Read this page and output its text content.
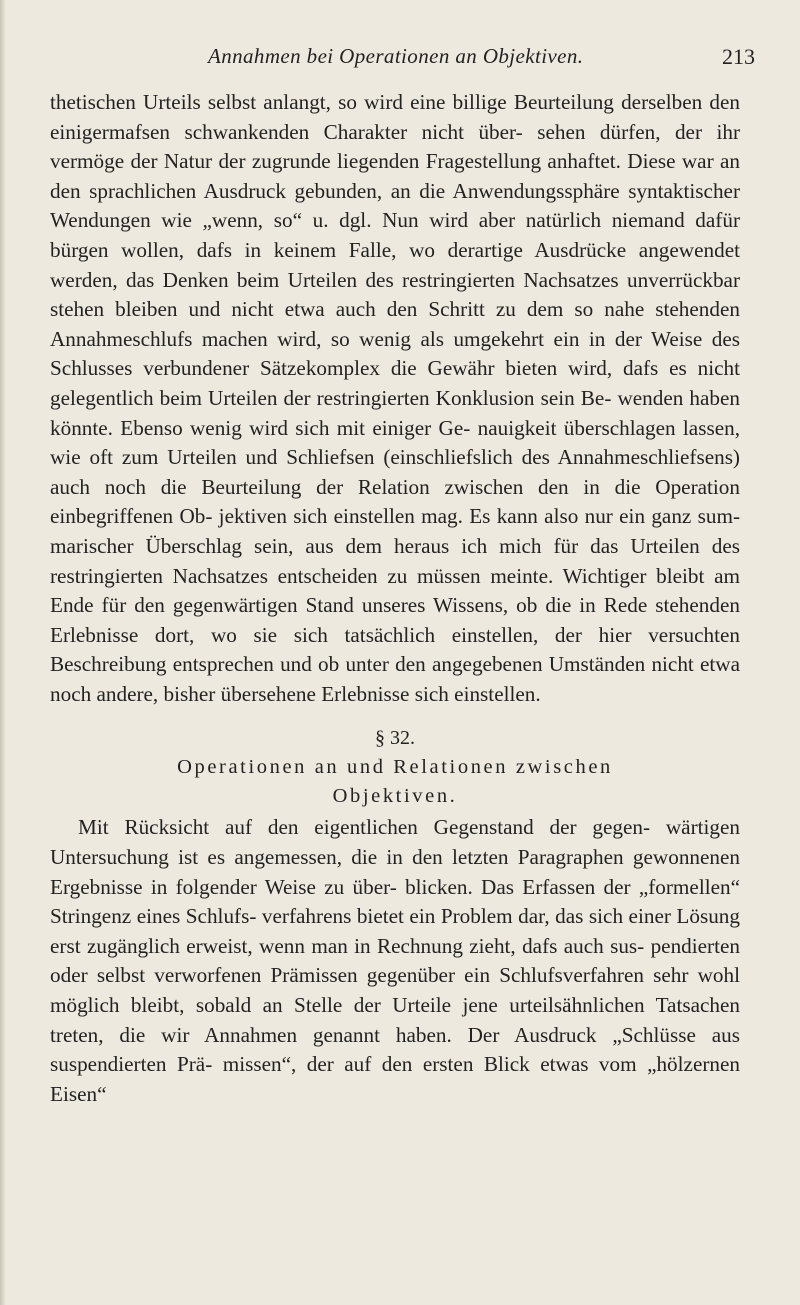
Annahmen bei Operationen an Objektiven.	213

thetischen Urteils selbst anlangt, so wird eine billige Beurteilung derselben den einigermafsen schwankenden Charakter nicht über- sehen dürfen, der ihr vermöge der Natur der zugrunde liegenden Fragestellung anhaftet. Diese war an den sprachlichen Ausdruck gebunden, an die Anwendungssphäre syntaktischer Wendungen wie „wenn, so“ u. dgl. Nun wird aber natürlich niemand dafür bürgen wollen, dafs in keinem Falle, wo derartige Ausdrücke angewendet werden, das Denken beim Urteilen des restringierten Nachsatzes unverrückbar stehen bleiben und nicht etwa auch den Schritt zu dem so nahe stehenden Annahmeschlufs machen wird, so wenig als umgekehrt ein in der Weise des Schlusses verbundener Sätzekomplex die Gewähr bieten wird, dafs es nicht gelegentlich beim Urteilen der restringierten Konklusion sein Be- wenden haben könnte. Ebenso wenig wird sich mit einiger Ge- nauigkeit überschlagen lassen, wie oft zum Urteilen und Schliefsen (einschliefslich des Annahmeschliefsens) auch noch die Beurteilung der Relation zwischen den in die Operation einbegriffenen Ob- jektiven sich einstellen mag. Es kann also nur ein ganz sum- marischer Überschlag sein, aus dem heraus ich mich für das Urteilen des restringierten Nachsatzes entscheiden zu müssen meinte. Wichtiger bleibt am Ende für den gegenwärtigen Stand unseres Wissens, ob die in Rede stehenden Erlebnisse dort, wo sie sich tatsächlich einstellen, der hier versuchten Beschreibung entsprechen und ob unter den angegebenen Umständen nicht etwa noch andere, bisher übersehene Erlebnisse sich einstellen.

§ 32.

Operationen an und Relationen zwischen
Objektiven.

Mit Rücksicht auf den eigentlichen Gegenstand der gegen- wärtigen Untersuchung ist es angemessen, die in den letzten Paragraphen gewonnenen Ergebnisse in folgender Weise zu über- blicken. Das Erfassen der „formellen“ Stringenz eines Schlufs- verfahrens bietet ein Problem dar, das sich einer Lösung erst zugänglich erweist, wenn man in Rechnung zieht, dafs auch sus- pendierten oder selbst verworfenen Prämissen gegenüber ein Schlufsverfahren sehr wohl möglich bleibt, sobald an Stelle der Urteile jene urteilsähnlichen Tatsachen treten, die wir Annahmen genannt haben. Der Ausdruck „Schlüsse aus suspendierten Prä- missen“, der auf den ersten Blick etwas vom „hölzernen Eisen“
